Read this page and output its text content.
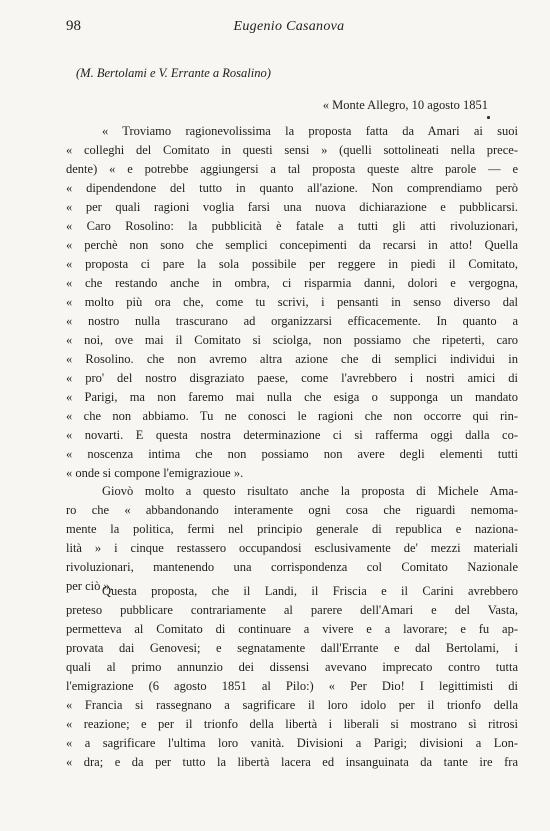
98	Eugenio Casanova
(M. Bertolami e V. Errante a Rosalino)
« Monte Allegro, 10 agosto 1851
« Troviamo ragionevolissima la proposta fatta da Amari ai suoi
« colleghi del Comitato in questi sensi » (quelli sottolineati nella prece-
dente) « e potrebbe aggiungersi a tal proposta queste altre parole — e
« dipendendone del tutto in quanto all'azione. Non comprendiamo però
« per quali ragioni voglia farsi una nuova dichiarazione e pubblicarsi.
« Caro Rosolino: la pubblicità è fatale a tutti gli atti rivoluzionari,
« perchè non sono che semplici concepimenti da recarsi in atto! Quella
« proposta ci pare la sola possibile per reggere in piedi il Comitato,
« che restando anche in ombra, ci risparmia danni, dolori e vergogna,
« molto più ora che, come tu scrivi, i pensanti in senso diverso dal
« nostro nulla trascurano ad organizzarsi efficacemente. In quanto a
« noi, ove mai il Comitato si sciolga, non possiamo che ripeterti, caro
« Rosolino. che non avremo altra azione che di semplici individui in
« pro' del nostro disgraziato paese, come l'avrebbero i nostri amici di
« Parigi, ma non faremo mai nulla che esiga o supponga un mandato
« che non abbiamo. Tu ne conosci le ragioni che non occorre qui rin-
« novarti. E questa nostra determinazione ci si rafferma oggi dalla co-
« noscenza intima che non possiamo non avere degli elementi tutti
« onde si compone l'emigrazioue ».
Giovò molto a questo risultato anche la proposta di Michele Ama-
ro che « abbandonando interamente ogni cosa che riguardi nemoma-
mente la politica, fermi nel principio generale di republica e naziona-
lità » i cinque restassero occupandosi esclusivamente de' mezzi materiali
rivoluzionari, mantenendo una corrispondenza col Comitato Nazionale
per ciò ».
Questa proposta, che il Landi, il Friscia e il Carini avrebbero
preteso pubblicare contrariamente al parere dell'Amari e del Vasta,
permetteva al Comitato di continuare a vivere e a lavorare; e fu ap-
provata dai Genovesi; e segnatamente dall'Errante e dal Bertolami, i
quali al primo annunzio dei dissensi avevano imprecato contro tutta
l'emigrazione (6 agosto 1851 al Pilo:) « Per Dio! I legittimisti di
« Francia si rassegnano a sagrificare il loro idolo per il trionfo della
« reazione; e per il trionfo della libertà i liberali si mostrano sì ritrosi
« a sagrificare l'ultima loro vanità. Divisioni a Parigi; divisioni a Lon-
« dra; e da per tutto la libertà lacera ed insanguinata da tante ire fra
